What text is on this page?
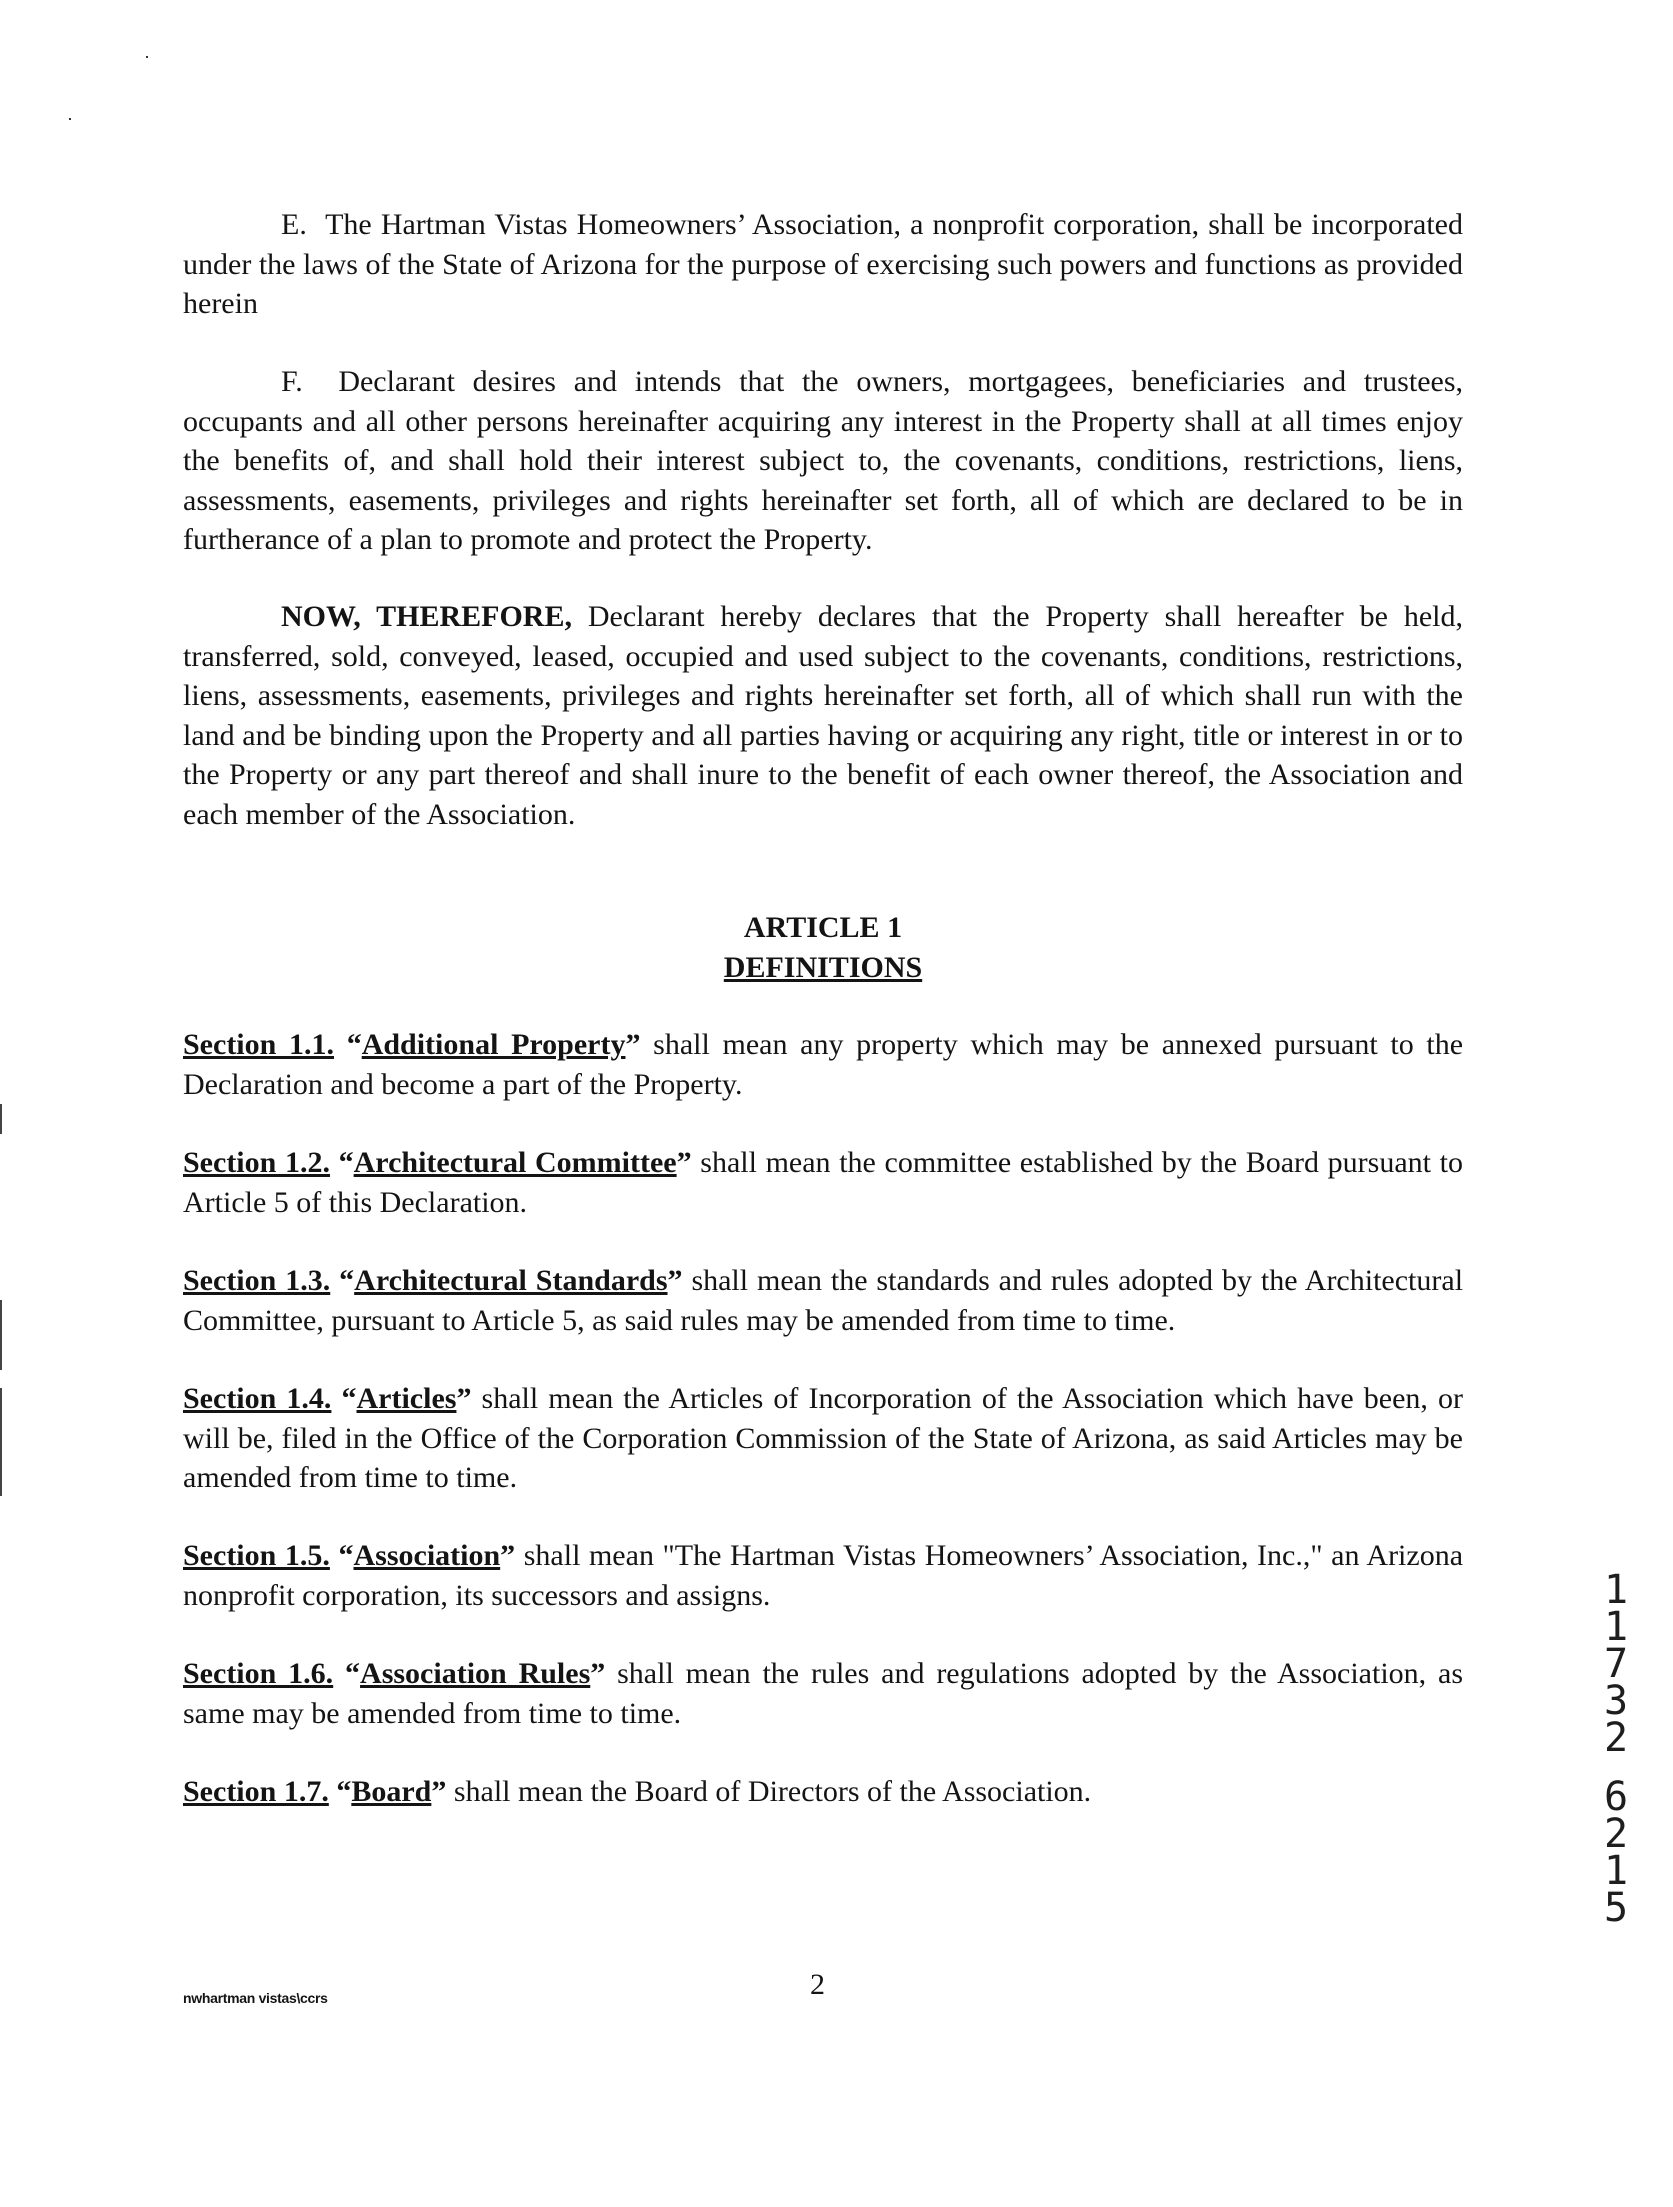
E. The Hartman Vistas Homeowners’ Association, a nonprofit corporation, shall be incorporated under the laws of the State of Arizona for the purpose of exercising such powers and functions as provided herein

F. Declarant desires and intends that the owners, mortgagees, beneficiaries and trustees, occupants and all other persons hereinafter acquiring any interest in the Property shall at all times enjoy the benefits of, and shall hold their interest subject to, the covenants, conditions, restrictions, liens, assessments, easements, privileges and rights hereinafter set forth, all of which are declared to be in furtherance of a plan to promote and protect the Property.

NOW, THEREFORE, Declarant hereby declares that the Property shall hereafter be held, transferred, sold, conveyed, leased, occupied and used subject to the covenants, conditions, restrictions, liens, assessments, easements, privileges and rights hereinafter set forth, all of which shall run with the land and be binding upon the Property and all parties having or acquiring any right, title or interest in or to the Property or any part thereof and shall inure to the benefit of each owner thereof, the Association and each member of the Association.

ARTICLE 1
DEFINITIONS

Section 1.1. “Additional Property” shall mean any property which may be annexed pursuant to the Declaration and become a part of the Property.

Section 1.2. “Architectural Committee” shall mean the committee established by the Board pursuant to Article 5 of this Declaration.

Section 1.3. “Architectural Standards” shall mean the standards and rules adopted by the Architectural Committee, pursuant to Article 5, as said rules may be amended from time to time.

Section 1.4. “Articles” shall mean the Articles of Incorporation of the Association which have been, or will be, filed in the Office of the Corporation Commission of the State of Arizona, as said Articles may be amended from time to time.

Section 1.5. “Association” shall mean "The Hartman Vistas Homeowners’ Association, Inc.," an Arizona nonprofit corporation, its successors and assigns.

Section 1.6. “Association Rules” shall mean the rules and regulations adopted by the Association, as same may be amended from time to time.

Section 1.7. “Board” shall mean the Board of Directors of the Association.

1
1
7
3
2
6
2
1
5
nwhartman vistas\ccrs	2
